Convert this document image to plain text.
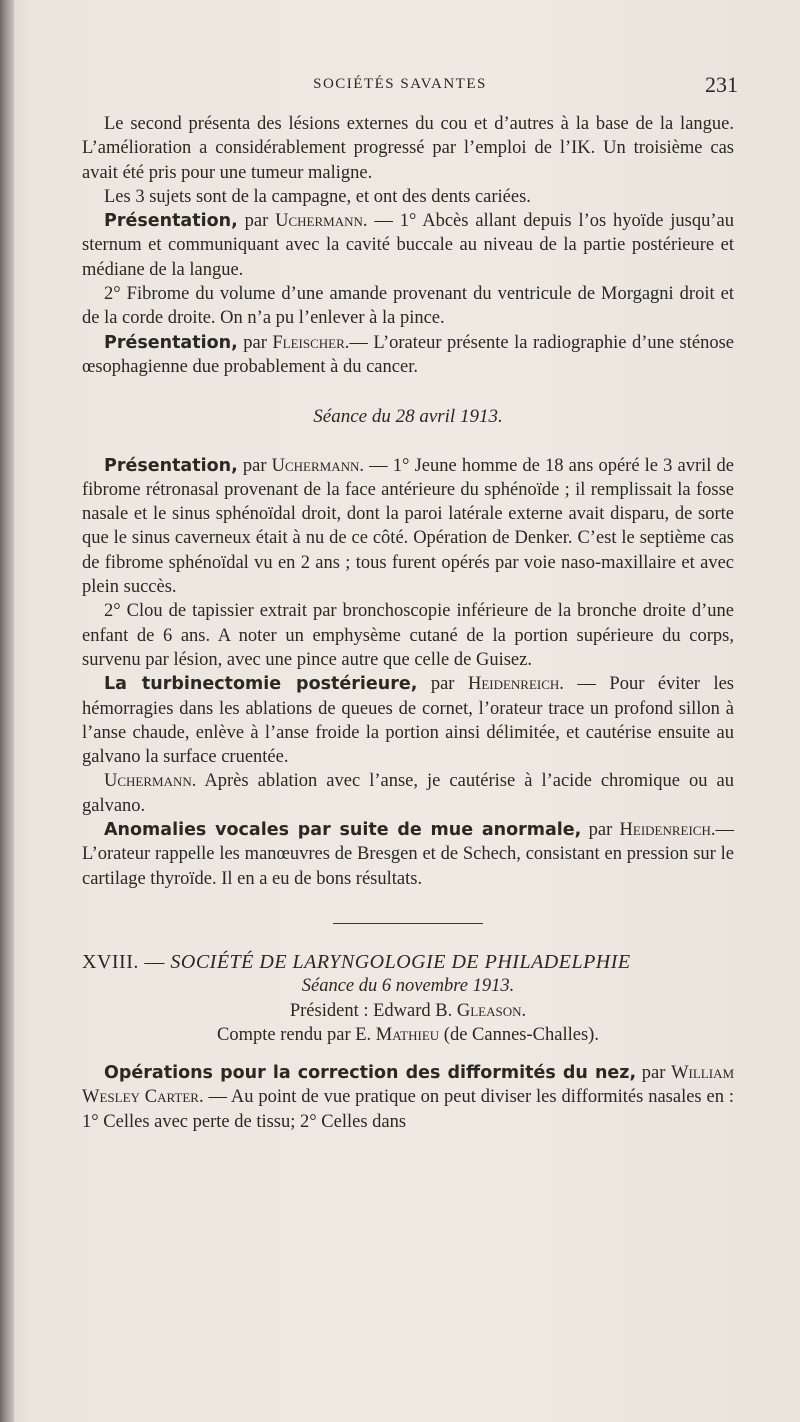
SOCIÉTÉS SAVANTES	231

Le second présenta des lésions externes du cou et d’autres à la base de la langue. L’amélioration a considérablement progressé par l’emploi de l’IK. Un troisième cas avait été pris pour une tumeur maligne.

Les 3 sujets sont de la campagne, et ont des dents cariées.

Présentation, par Uchermann. — 1° Abcès allant depuis l’os hyoïde jusqu’au sternum et communiquant avec la cavité buccale au niveau de la partie postérieure et médiane de la langue.

2° Fibrome du volume d’une amande provenant du ventricule de Morgagni droit et de la corde droite. On n’a pu l’enlever à la pince.

Présentation, par Fleischer.— L’orateur présente la radiographie d’une sténose œsophagienne due probablement à du cancer.

Séance du 28 avril 1913.

Présentation, par Uchermann. — 1° Jeune homme de 18 ans opéré le 3 avril de fibrome rétronasal provenant de la face antérieure du sphénoïde ; il remplissait la fosse nasale et le sinus sphénoïdal droit, dont la paroi latérale externe avait disparu, de sorte que le sinus caverneux était à nu de ce côté. Opération de Denker. C’est le septième cas de fibrome sphénoïdal vu en 2 ans ; tous furent opérés par voie naso-maxillaire et avec plein succès.

2° Clou de tapissier extrait par bronchoscopie inférieure de la bronche droite d’une enfant de 6 ans. A noter un emphysème cutané de la portion supérieure du corps, survenu par lésion, avec une pince autre que celle de Guisez.

La turbinectomie postérieure, par Heidenreich. — Pour éviter les hémorragies dans les ablations de queues de cornet, l’orateur trace un profond sillon à l’anse chaude, enlève à l’anse froide la portion ainsi délimitée, et cautérise ensuite au galvano la surface cruentée.

Uchermann. Après ablation avec l’anse, je cautérise à l’acide chromique ou au galvano.

Anomalies vocales par suite de mue anormale, par Heidenreich.— L’orateur rappelle les manœuvres de Bresgen et de Schech, consistant en pression sur le cartilage thyroïde. Il en a eu de bons résultats.

XVIII. — SOCIÉTÉ DE LARYNGOLOGIE DE PHILADELPHIE

Séance du 6 novembre 1913.

Président : Edward B. Gleason.

Compte rendu par E. Mathieu (de Cannes-Challes).

Opérations pour la correction des difformités du nez, par William Wesley Carter. — Au point de vue pratique on peut diviser les difformités nasales en : 1° Celles avec perte de tissu; 2° Celles dans
